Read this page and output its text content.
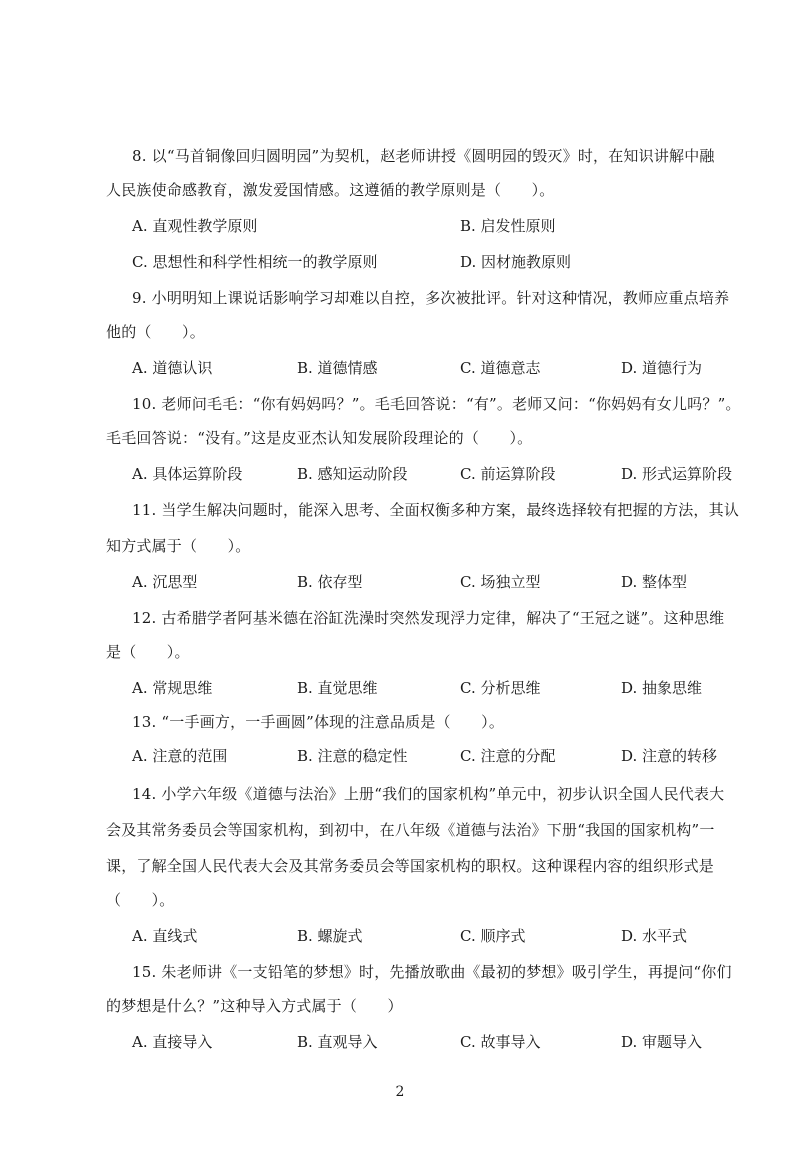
8. 以“马首铜像回归圆明园”为契机，赵老师讲授《圆明园的毁灭》时，在知识讲解中融
人民族使命感教育，激发爱国情感。这遵循的教学原则是（　　）。
A. 直观性教学原则	B. 启发性原则
C. 思想性和科学性相统一的教学原则	D. 因材施教原则
9. 小明明知上课说话影响学习却难以自控，多次被批评。针对这种情况，教师应重点培养
他的（　　）。
A. 道德认识	B. 道德情感	C. 道德意志	D. 道德行为
10. 老师问毛毛：“你有妈妈吗？”。毛毛回答说：“有”。老师又问：“你妈妈有女儿吗？”。
毛毛回答说：“没有。”这是皮亚杰认知发展阶段理论的（　　）。
A. 具体运算阶段	B. 感知运动阶段	C. 前运算阶段	D. 形式运算阶段
11. 当学生解决问题时，能深入思考、全面权衡多种方案，最终选择较有把握的方法，其认
知方式属于（　　）。
A. 沉思型	B. 依存型	C. 场独立型	D. 整体型
12. 古希腊学者阿基米德在浴缸洗澡时突然发现浮力定律，解决了“王冠之谜”。这种思维
是（　　）。
A. 常规思维	B. 直觉思维	C. 分析思维	D. 抽象思维
13. “一手画方，一手画圆”体现的注意品质是（　　）。
A. 注意的范围	B. 注意的稳定性	C. 注意的分配	D. 注意的转移
14. 小学六年级《道德与法治》上册“我们的国家机构”单元中，初步认识全国人民代表大
会及其常务委员会等国家机构，到初中，在八年级《道德与法治》下册“我国的国家机构”一
课，了解全国人民代表大会及其常务委员会等国家机构的职权。这种课程内容的组织形式是
（　　）。
A. 直线式	B. 螺旋式	C. 顺序式	D. 水平式
15. 朱老师讲《一支铅笔的梦想》时，先播放歌曲《最初的梦想》吸引学生，再提问“你们
的梦想是什么？”这种导入方式属于（　　）
A. 直接导入	B. 直观导入	C. 故事导入	D. 审题导入
2
